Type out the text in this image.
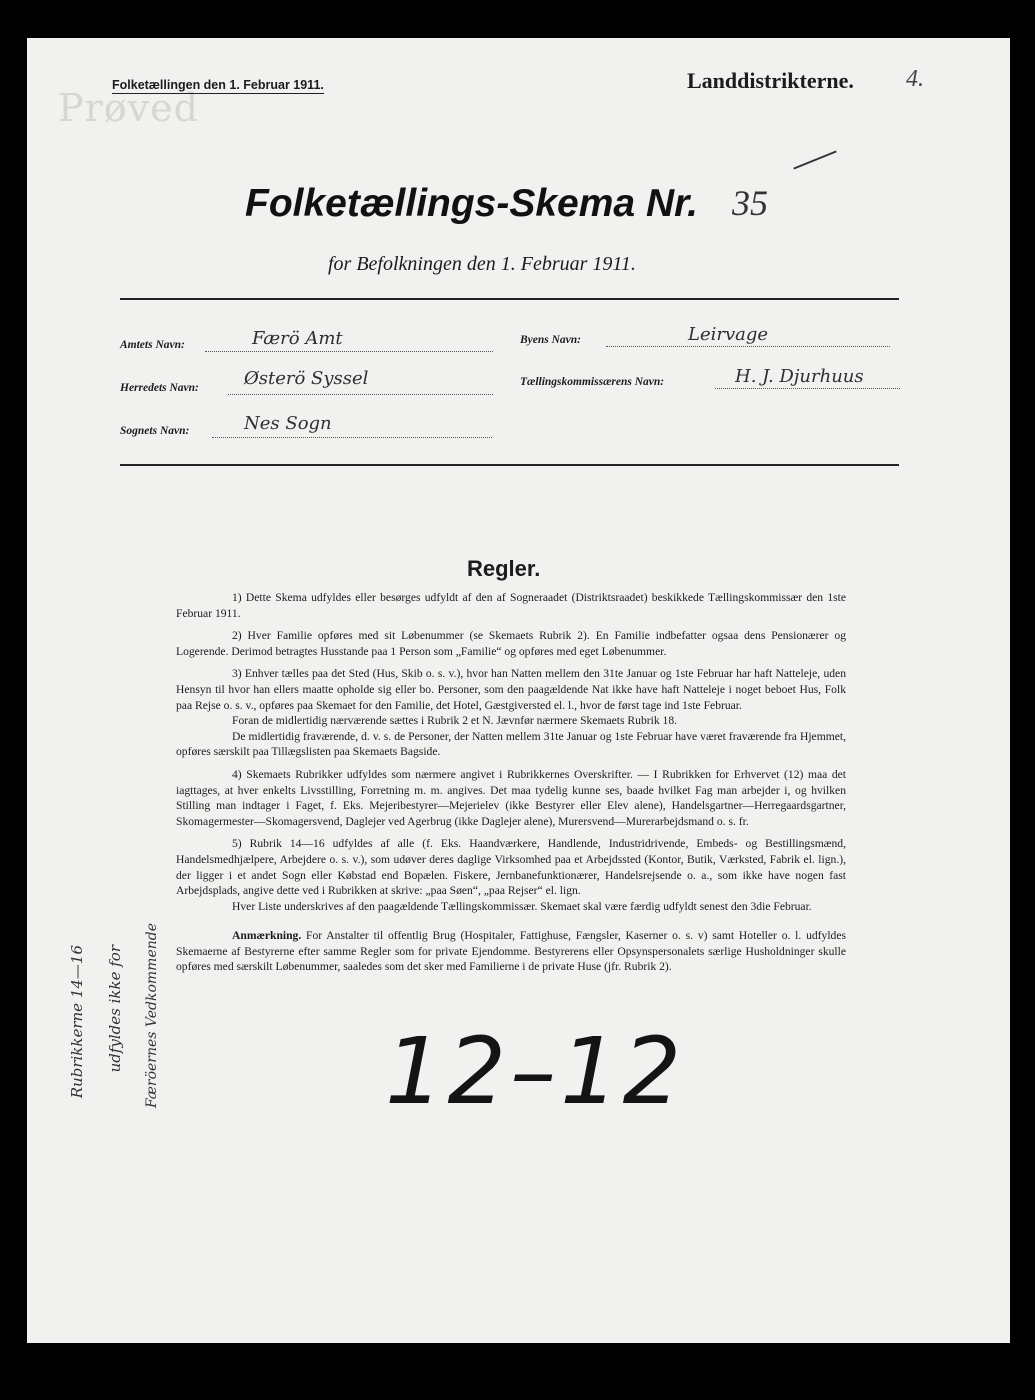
Prøved
Folketællingen den 1. Februar 1911.	Landdistrikterne. 4.
Folketællings-Skema Nr. 35
for Befolkningen den 1. Februar 1911.
Amtets Navn:	Færö Amt	Byens Navn:	Leirvage
Herredets Navn:	Østerö Syssel	Tællingskommissærens Navn:	H. J. Djurhuus
Sognets Navn:	Nes Sogn
Regler.

1) Dette Skema udfyldes eller besørges udfyldt af den af Sogneraadet (Distriktsraadet) beskikkede Tællingskommissær den 1ste Februar 1911.

2) Hver Familie opføres med sit Løbenummer (se Skemaets Rubrik 2). En Familie indbefatter ogsaa dens Pensionærer og Logerende. Derimod betragtes Husstande paa 1 Person som „Familie“ og opføres med eget Løbenummer.

3) Enhver tælles paa det Sted (Hus, Skib o. s. v.), hvor han Natten mellem den 31te Januar og 1ste Februar har haft Natteleje, uden Hensyn til hvor han ellers maatte opholde sig eller bo. Personer, som den paagældende Nat ikke have haft Natteleje i noget beboet Hus, Folk paa Rejse o. s. v., opføres paa Skemaet for den Familie, det Hotel, Gæstgiversted el. l., hvor de først tage ind 1ste Februar.

Foran de midlertidig nærværende sættes i Rubrik 2 et N. Jævnfør nærmere Skemaets Rubrik 18.

De midlertidig fraværende, d. v. s. de Personer, der Natten mellem 31te Januar og 1ste Februar have været fraværende fra Hjemmet, opføres særskilt paa Tillægslisten paa Skemaets Bagside.

4) Skemaets Rubrikker udfyldes som nærmere angivet i Rubrikkernes Overskrifter. — I Rubrikken for Erhvervet (12) maa det iagttages, at hver enkelts Livsstilling, Forretning m. m. angives. Det maa tydelig kunne ses, baade hvilket Fag man arbejder i, og hvilken Stilling man indtager i Faget, f. Eks. Mejeribestyrer—Mejerielev (ikke Bestyrer eller Elev alene), Handelsgartner—Herregaardsgartner, Skomagermester—Skomagersvend, Daglejer ved Agerbrug (ikke Daglejer alene), Murersvend—Murerarbejdsmand o. s. fr.

5) Rubrik 14—16 udfyldes af alle (f. Eks. Haandværkere, Handlende, Industridrivende, Embeds- og Bestillingsmænd, Handelsmedhjælpere, Arbejdere o. s. v.), som udøver deres daglige Virksomhed paa et Arbejdssted (Kontor, Butik, Værksted, Fabrik el. lign.), der ligger i et andet Sogn eller Købstad end Bopælen. Fiskere, Jernbanefunktionærer, Handelsrejsende o. a., som ikke have nogen fast Arbejdsplads, angive dette ved i Rubrikken at skrive: „paa Søen“, „paa Rejser“ el. lign.

Hver Liste underskrives af den paagældende Tællingskommissær. Skemaet skal være færdig udfyldt senest den 3die Februar.

Anmærkning. For Anstalter til offentlig Brug (Hospitaler, Fattighuse, Fængsler, Kaserner o. s. v) samt Hoteller o. l. udfyldes Skemaerne af Bestyrerne efter samme Regler som for private Ejendomme. Bestyrerens eller Opsynspersonalets særlige Husholdninger skulle opføres med særskilt Løbenummer, saaledes som det sker med Familierne i de private Huse (jfr. Rubrik 2).

Rubrikkerne 14—16 udfyldes ikke for Færöernes Vedkommende 12–12
